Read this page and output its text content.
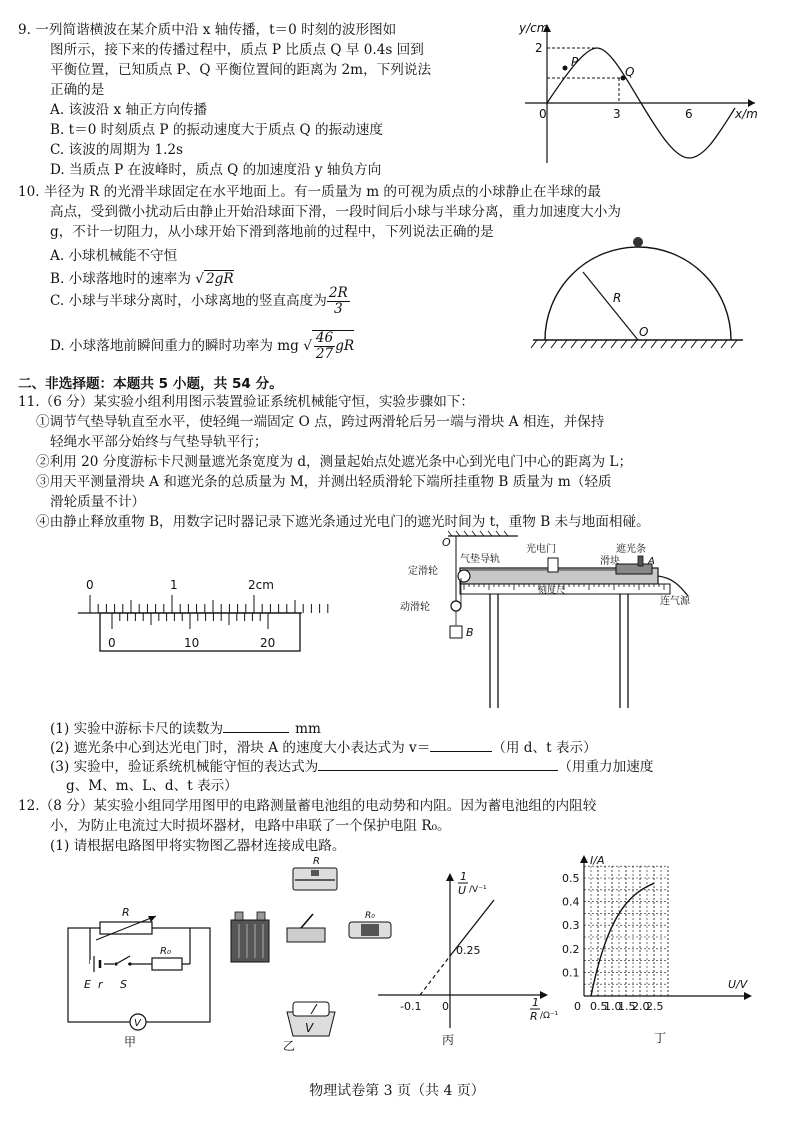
9. 一列简谐横波在某介质中沿 x 轴传播，t＝0 时刻的波形图如
图所示，接下来的传播过程中，质点 P 比质点 Q 早 0.4s 回到
平衡位置，已知质点 P、Q 平衡位置间的距离为 2m，下列说法
正确的是
A. 该波沿 x 轴正方向传播
B. t＝0 时刻质点 P 的振动速度大于质点 Q 的振动速度
C. 该波的周期为 1.2s
D. 当质点 P 在波峰时，质点 Q 的加速度沿 y 轴负方向
y/cm
x/m
2
0	3	6
P
Q
10. 半径为 R 的光滑半球固定在水平地面上。有一质量为 m 的可视为质点的小球静止在半球的最
高点，受到微小扰动后由静止开始沿球面下滑，一段时间后小球与半球分离，重力加速度大小为
g，不计一切阻力，从小球开始下滑到落地前的过程中，下列说法正确的是
A. 小球机械能不守恒
B. 小球落地时的速率为 √ 2gR
C. 小球与半球分离时，小球离地的竖直高度为 $\frac{2R}{3}$
D. 小球落地前瞬间重力的瞬时功率为 mg √ $\frac{46}{27}$ gR
R
O
二、非选择题：本题共 5 小题，共 54 分。
11.（6 分）某实验小组利用图示装置验证系统机械能守恒，实验步骤如下：
①调节气垫导轨直至水平，使轻绳一端固定 O 点，跨过两滑轮后另一端与滑块 A 相连，并保持
轻绳水平部分始终与气垫导轨平行；
②利用 20 分度游标卡尺测量遮光条宽度为 d，测量起始点处遮光条中心到光电门中心的距离为 L；
③用天平测量滑块 A 和遮光条的总质量为 M，并测出轻质滑轮下端所挂重物 B 质量为 m（轻质
滑轮质量不计）
④由静止释放重物 B，用数字记时器记录下遮光条通过光电门的遮光时间为 t，重物 B 未与地面相碰。
0	1	2cm
0	10	20
O
B
气垫导轨
光电门	遮光条
滑块	A
定滑轮
动滑轮
刻度尺
连气源
(1) 实验中游标卡尺的读数为	mm
(2) 遮光条中心到达光电门时，滑块 A 的速度大小表达式为 v＝	（用 d、t 表示）
(3) 实验中，验证系统机械能守恒的表达式为	（用重力加速度
g、M、m、L、d、t 表示）
12.（8 分）某实验小组同学用图甲的电路测量蓄电池组的电动势和内阻。因为蓄电池组的内阻较
小，为防止电流过大时损坏器材，电路中串联了一个保护电阻 R₀。
(1) 请根据电路图甲将实物图乙器材连接成电路。
R
R₀
E r S
V
甲
R
R₀
V
乙
1
U /V⁻¹
0.25
-0.1 0	1
R /Ω⁻¹
丙
I/A
U/V
0
0.1
0.2
0.3
0.4
0.5
0.5
1.0
1.5
2.0
2.5
丁
物理试卷第 3 页（共 4 页）
